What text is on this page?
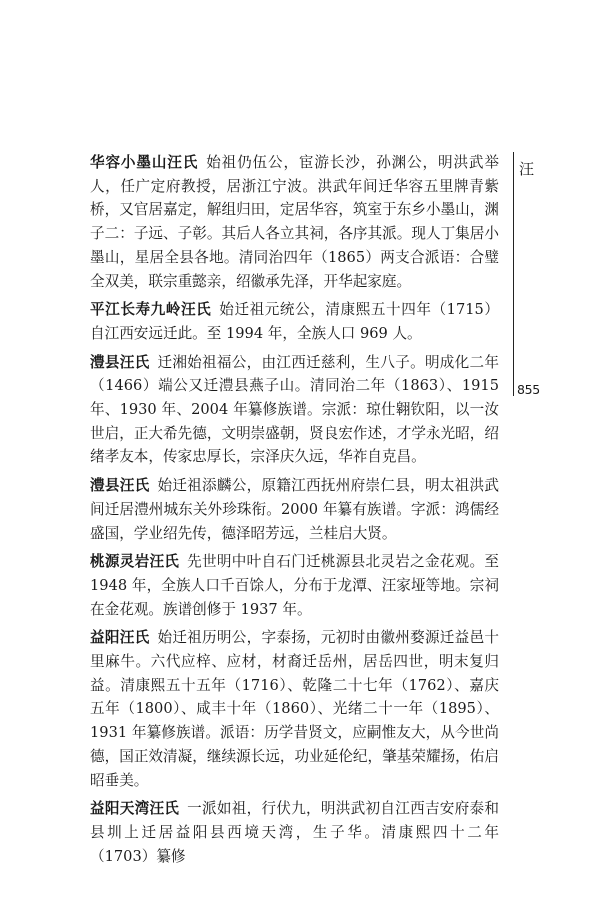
华容小墨山汪氏 始祖仍伍公，宦游长沙，孙渊公，明洪武举人，任广定府教授，居浙江宁波。洪武年间迁华容五里牌青紫桥，又官居嘉定，解组归田，定居华容，筑室于东乡小墨山，渊子二：子远、子彰。其后人各立其祠，各序其派。现人丁集居小墨山，星居全县各地。清同治四年（1865）两支合派语：合璧全双美，联宗重懿亲，绍徽承先泽，开华起家庭。

平江长寿九岭汪氏 始迁祖元统公，清康熙五十四年（1715）自江西安远迁此。至 1994 年，全族人口 969 人。

澧县汪氏 迁湘始祖福公，由江西迁慈利，生八子。明成化二年（1466）端公又迁澧县燕子山。清同治二年（1863）、1915 年、1930 年、2004 年纂修族谱。宗派：琼仕翱钦阳，以一汝世启，正大希先德，文明崇盛朝，贤良宏作述，才学永光昭，绍绪孝友本，传家忠厚长，宗泽庆久远，华祚自克昌。

澧县汪氏 始迁祖添麟公，原籍江西抚州府崇仁县，明太祖洪武间迁居澧州城东关外珍珠衔。2000 年纂有族谱。字派：鸿儒经盛国，学业绍先传，德泽昭芳远，兰桂启大贤。

桃源灵岩汪氏 先世明中叶自石门迁桃源县北灵岩之金花观。至 1948 年，全族人口千百馀人，分布于龙潭、汪家垭等地。宗祠在金花观。族谱创修于 1937 年。

益阳汪氏 始迁祖历明公，字泰扬，元初时由徽州婺源迁益邑十里麻牛。六代应梓、应材，材裔迁岳州，居岳四世，明末复归益。清康熙五十五年（1716）、乾隆二十七年（1762）、嘉庆五年（1800）、咸丰十年（1860）、光绪二十一年（1895）、1931 年纂修族谱。派语：历学昔贤文，应嗣惟友大，从今世尚德，国正效清凝，继续源长远，功业延伦纪，肇基荣耀扬，佑启昭垂美。

益阳天湾汪氏 一派如祖，行伏九，明洪武初自江西吉安府泰和县圳上迁居益阳县西境天湾，生子华。清康熙四十二年（1703）纂修

汪
855
